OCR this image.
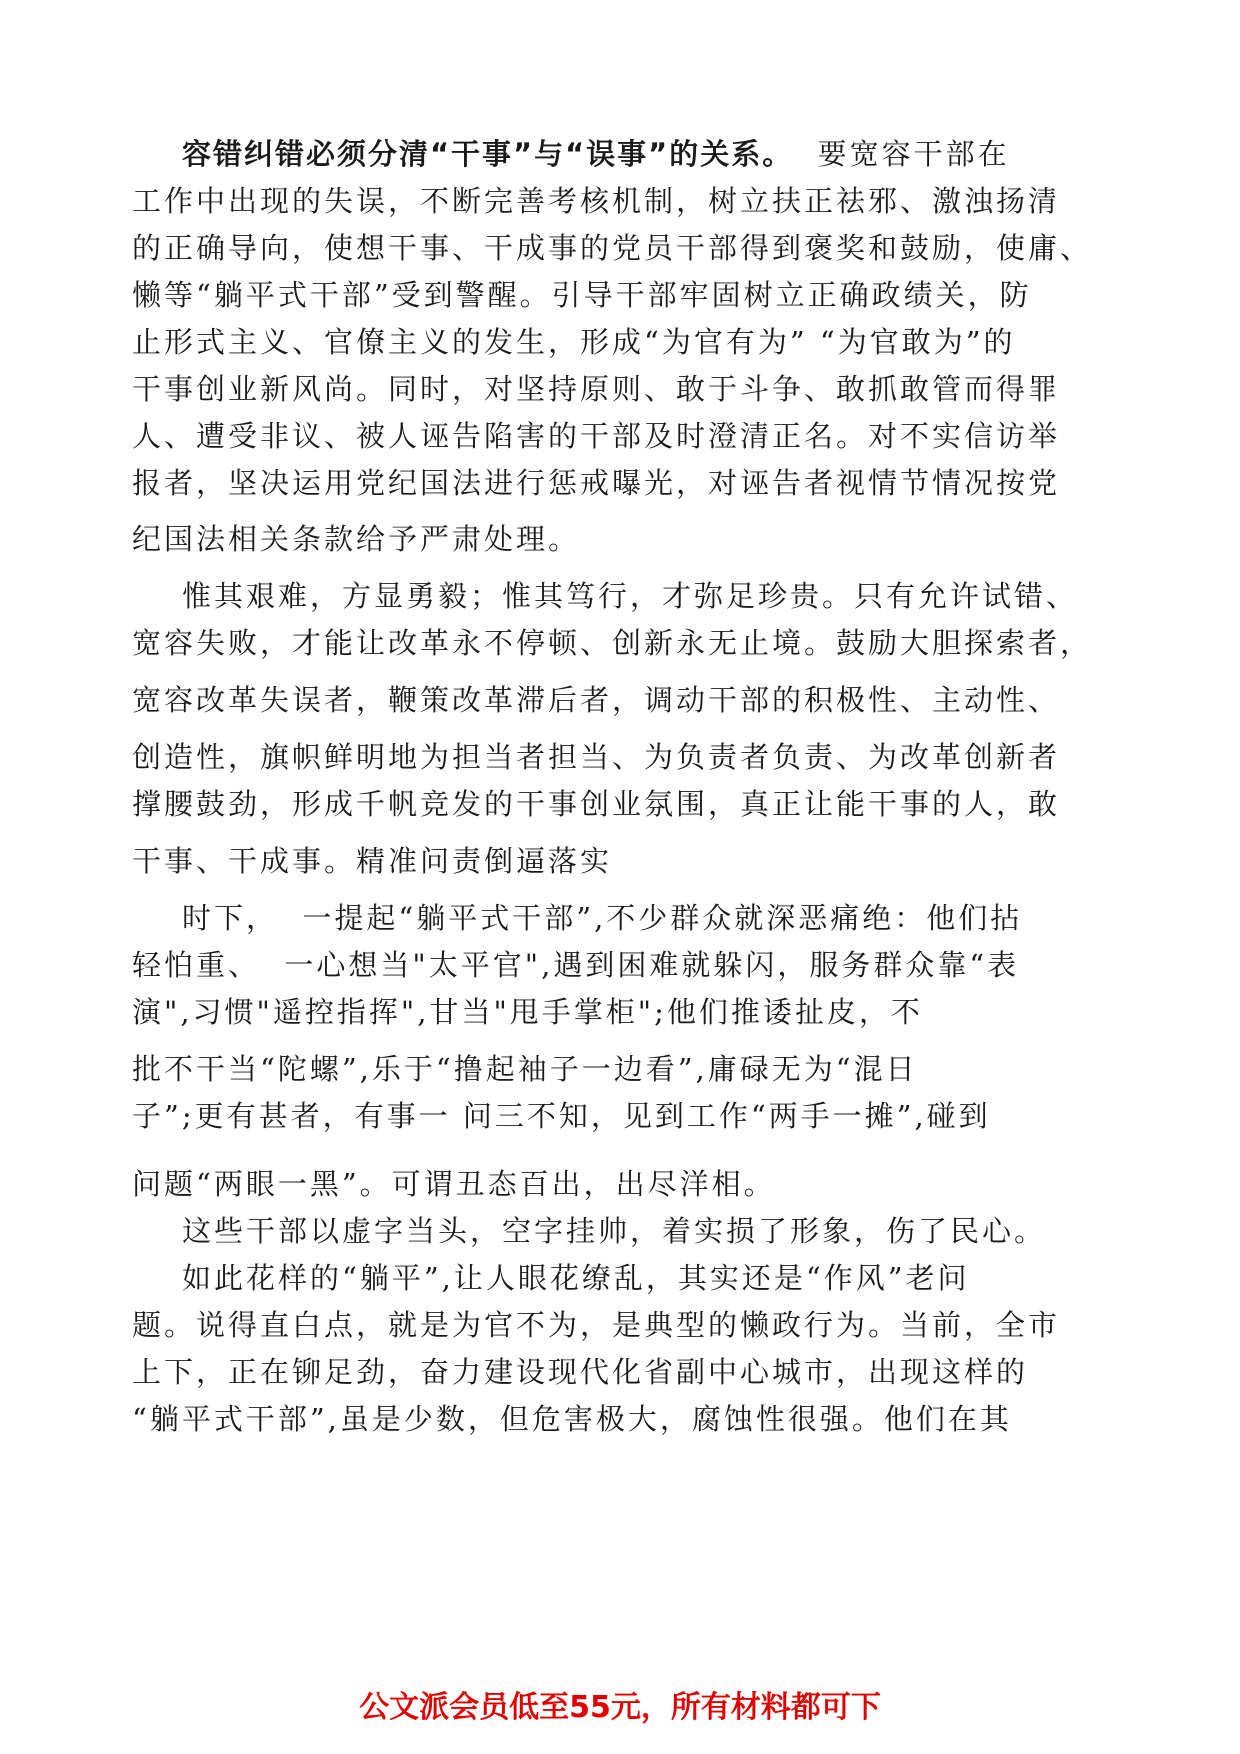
容错纠错必须分清“干事”与“误事”的关系。  要宽容干部在
工作中出现的失误，不断完善考核机制，树立扶正祛邪、激浊扬清
的正确导向，使想干事、干成事的党员干部得到褒奖和鼓励，使庸、
懒等“躺平式干部”受到警醒。引导干部牢固树立正确政绩关，防
止形式主义、官僚主义的发生，形成“为官有为” “为官敢为”的
干事创业新风尚。同时，对坚持原则、敢于斗争、敢抓敢管而得罪
人、遭受非议、被人诬告陷害的干部及时澄清正名。对不实信访举
报者，坚决运用党纪国法进行惩戒曝光，对诬告者视情节情况按党
纪国法相关条款给予严肃处理。
惟其艰难，方显勇毅；惟其笃行，才弥足珍贵。只有允许试错、
宽容失败，才能让改革永不停顿、创新永无止境。鼓励大胆探索者，
宽容改革失误者，鞭策改革滞后者，调动干部的积极性、主动性、
创造性，旗帜鲜明地为担当者担当、为负责者负责、为改革创新者
撑腰鼓劲，形成千帆竞发的干事创业氛围，真正让能干事的人，敢
干事、干成事。精准问责倒逼落实
时下，  一提起“躺平式干部”,不少群众就深恶痛绝：他们拈
轻怕重、  一心想当"太平官",遇到困难就躲闪，服务群众靠“表
演",习惯"遥控指挥",甘当"甩手掌柜";他们推诿扯皮，不
批不干当“陀螺”,乐于“撸起袖子一边看”,庸碌无为“混日
子”;更有甚者，有事一 问三不知，见到工作“两手一摊”,碰到
问题“两眼一黑”。可谓丑态百出，出尽洋相。
这些干部以虚字当头，空字挂帅，着实损了形象，伤了民心。
如此花样的“躺平”,让人眼花缭乱，其实还是“作风”老问
题。说得直白点，就是为官不为，是典型的懒政行为。当前，全市
上下，正在铆足劲，奋力建设现代化省副中心城市，出现这样的
“躺平式干部”,虽是少数，但危害极大，腐蚀性很强。他们在其
公文派会员低至55元，所有材料都可下
